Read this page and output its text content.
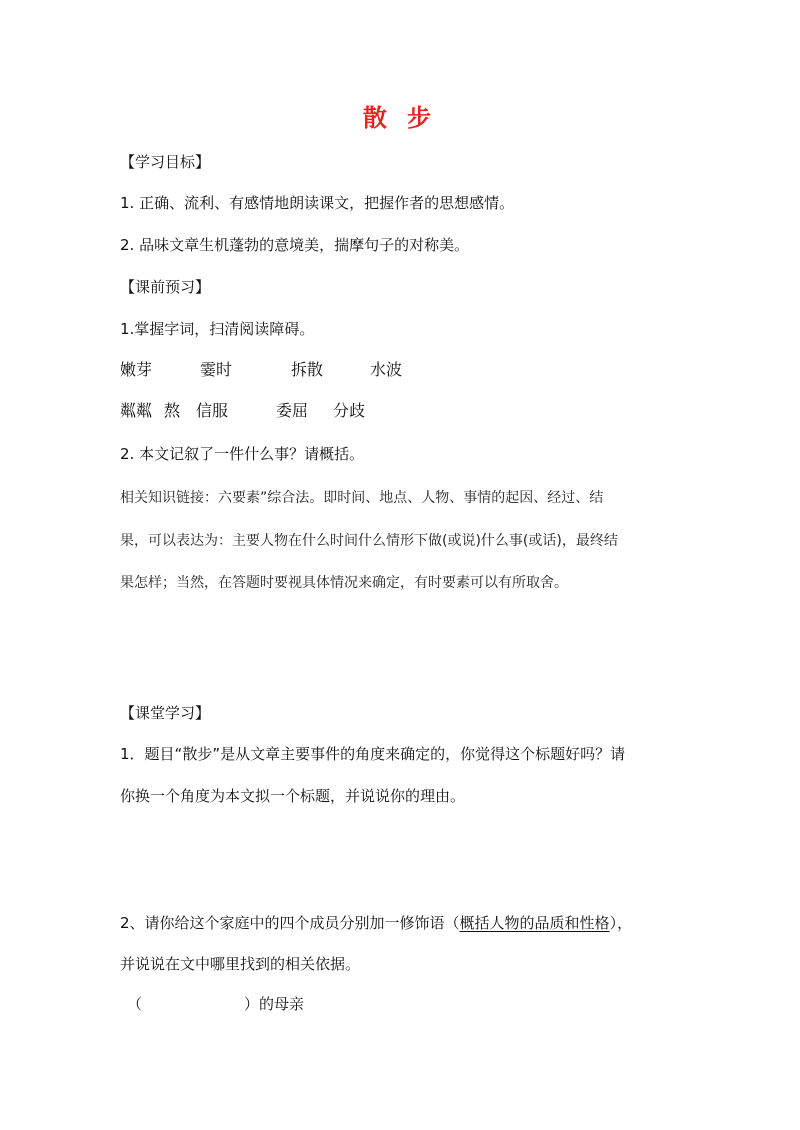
散 步
【学习目标】
1. 正确、流利、有感情地朗读课文，把握作者的思想感情。
2. 品味文章生机蓬勃的意境美，揣摩句子的对称美。
【课前预习】
1.掌握字词，扫清阅读障碍。
嫩芽	霎时	拆散	水波
粼粼 熬 信服	委屈 分歧
2. 本文记叙了一件什么事？请概括。
相关知识链接：六要素”综合法。即时间、地点、人物、事情的起因、经过、结
果，可以表达为：主要人物在什么时间什么情形下做(或说)什么事(或话)，最终结
果怎样；当然，在答题时要视具体情况来确定，有时要素可以有所取舍。
【课堂学习】
1．题目“散步”是从文章主要事件的角度来确定的，你觉得这个标题好吗？请
你换一个角度为本文拟一个标题，并说说你的理由。
2、请你给这个家庭中的四个成员分别加一修饰语（概括人物的品质和性格），
并说说在文中哪里找到的相关依据。
（	）的母亲
